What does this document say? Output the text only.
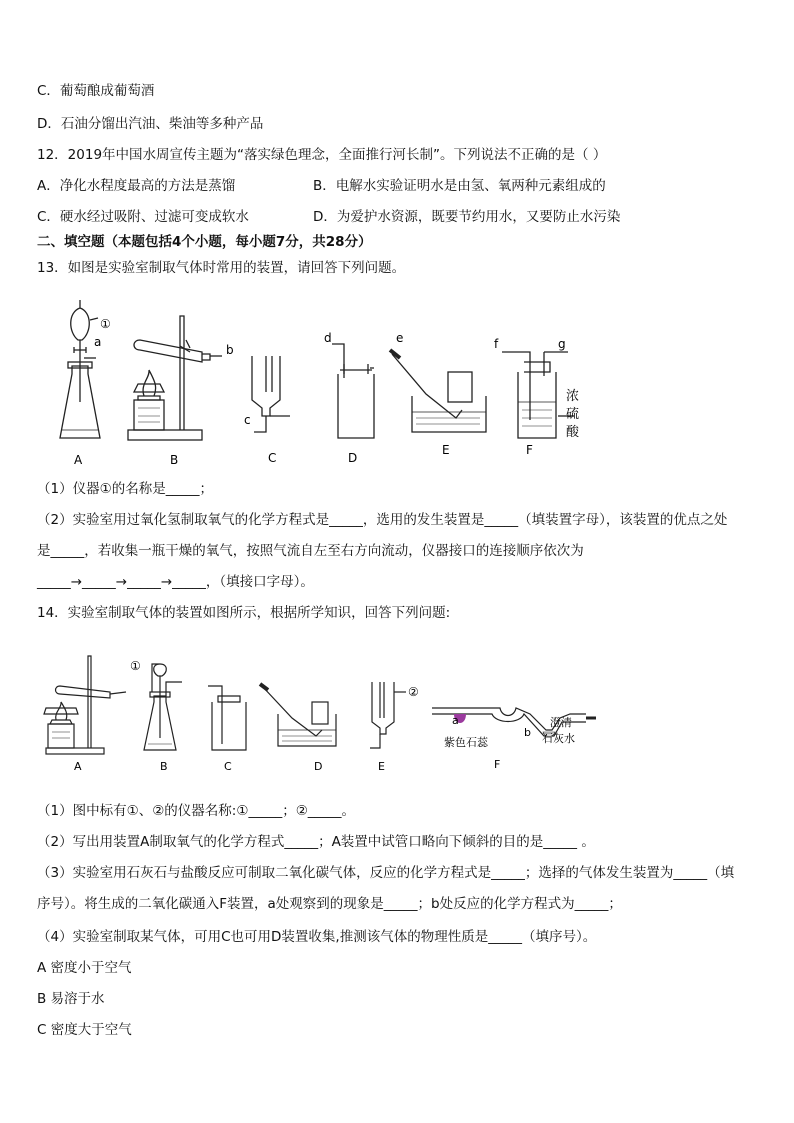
C．葡萄酿成葡萄酒
D．石油分馏出汽油、柴油等多种产品
12．2019年中国水周宣传主题为“落实绿色理念，全面推行河长制”。下列说法不正确的是（ ）
A．净化水程度最高的方法是蒸馏	B．电解水实验证明水是由氢、氧两种元素组成的
C．硬水经过吸附、过滤可变成软水	D．为爱护水资源，既要节约用水，又要防止水污染
二、填空题（本题包括4个小题，每小题7分，共28分）
13．如图是实验室制取气体时常用的装置，请回答下列问题。
①
a
b
c
d	e	f	g
浓
硫
酸
A	B	C	D
E	F
（1）仪器①的名称是_____；
（2）实验室用过氧化氢制取氧气的化学方程式是_____，选用的发生装置是_____（填装置字母），该装置的优点之处
是_____，若收集一瓶干燥的氧气，按照气流自左至右方向流动，仪器接口的连接顺序依次为
_____→_____→_____→_____，（填接口字母）。
14．实验室制取气体的装置如图所示，根据所学知识，回答下列问题:
①
②
a
b
紫色石蕊
澄清
石灰水
A	B	C	D	E	F
（1）图中标有①、②的仪器名称:①_____；②_____。
（2）写出用装置A制取氧气的化学方程式_____；A装置中试管口略向下倾斜的目的是_____ 。
（3）实验室用石灰石与盐酸反应可制取二氧化碳气体，反应的化学方程式是_____；选择的气体发生装置为_____（填
序号）。将生成的二氧化碳通入F装置，a处观察到的现象是_____；b处反应的化学方程式为_____；
（4）实验室制取某气体，可用C也可用D装置收集,推测该气体的物理性质是_____（填序号）。
A 密度小于空气
B 易溶于水
C 密度大于空气
